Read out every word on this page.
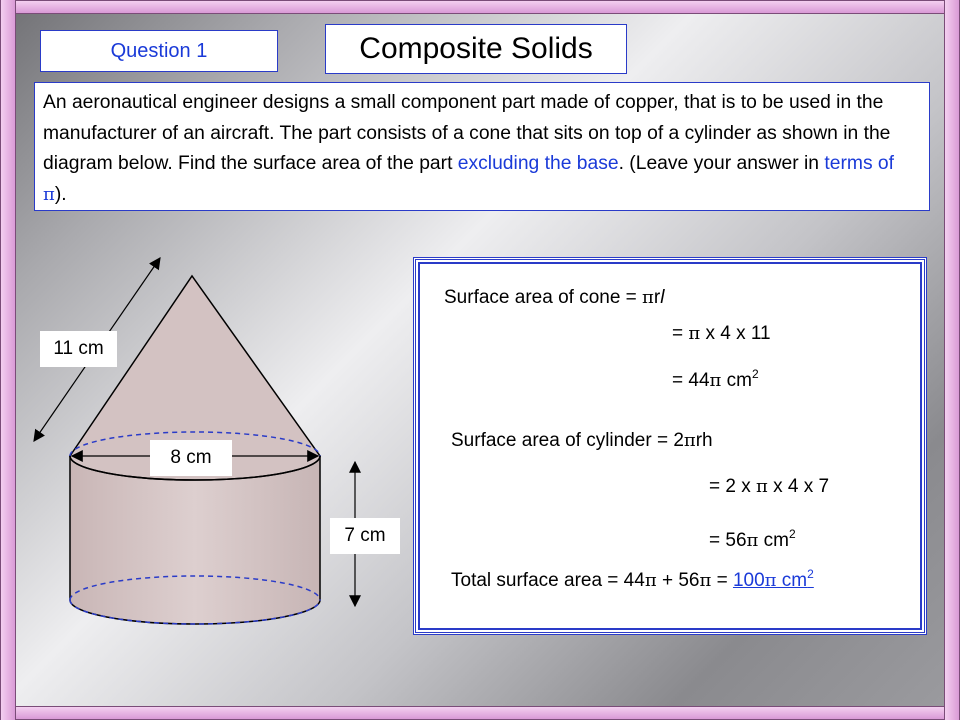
Question 1	Composite Solids
An aeronautical engineer designs a small component part made of copper, that is to be used in the manufacturer of an aircraft. The part consists of a cone that sits on top of a cylinder as shown in the diagram below. Find the surface area of the part excluding the base. (Leave your answer in terms of π).
11 cm
8 cm
7 cm
Surface area of cone = πrl
= π x 4 x 11
= 44π $cm^2$
Surface area of cylinder = 2πrh
= 2 x π x 4 x 7
= 56π $cm^2$
Total surface area = 44π + 56π = 100π $cm^2$
